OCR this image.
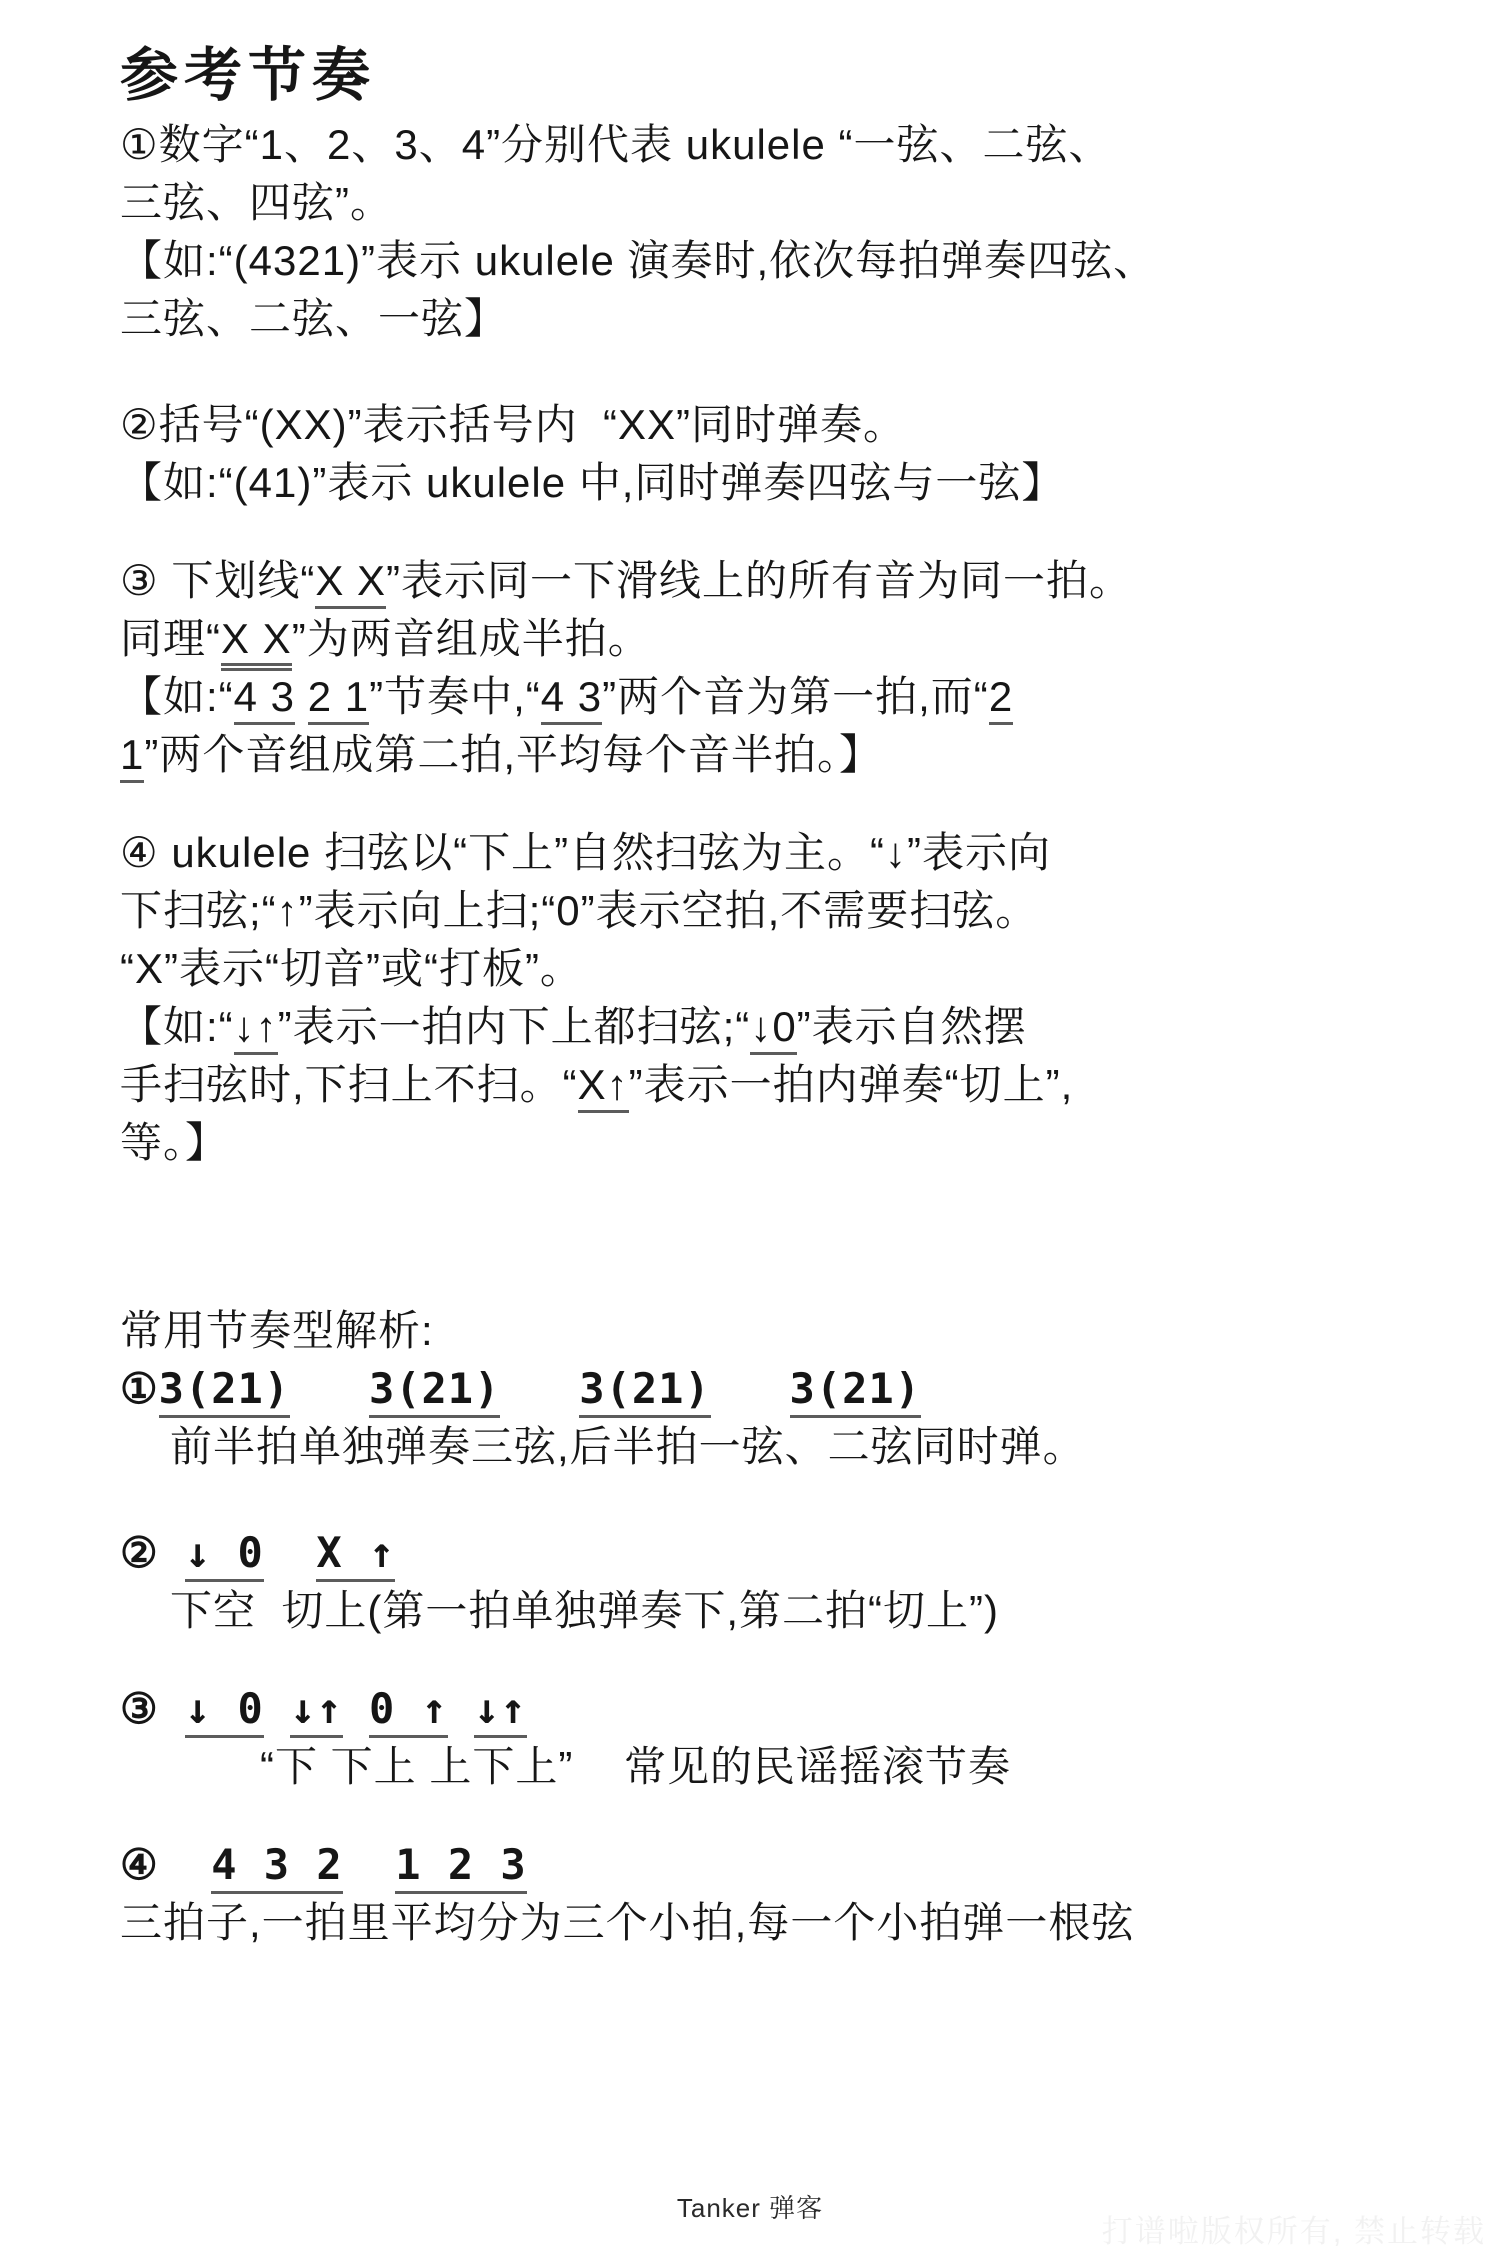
参考节奏
①数字“1、2、3、4”分别代表 ukulele “一弦、二弦、
三弦、四弦”。
【如:“(4321)”表示 ukulele 演奏时,依次每拍弹奏四弦、
三弦、二弦、一弦】
②括号“(XX)”表示括号内  “XX”同时弹奏。
【如:“(41)”表示 ukulele 中,同时弹奏四弦与一弦】
③ 下划线“X X”表示同一下滑线上的所有音为同一拍。
同理“X X”为两音组成半拍。
【如:“4 3 2 1”节奏中,“4 3”两个音为第一拍,而“2
1”两个音组成第二拍,平均每个音半拍。】
④ ukulele 扫弦以“下上”自然扫弦为主。“↓”表示向
下扫弦;“↑”表示向上扫;“0”表示空拍,不需要扫弦。
“X”表示“切音”或“打板”。
【如:“↓↑”表示一拍内下上都扫弦;“↓0”表示自然摆
手扫弦时,下扫上不扫。“X↑”表示一拍内弹奏“切上”,
等。】
常用节奏型解析:
①3(21) 3(21) 3(21) 3(21)
前半拍单独弹奏三弦,后半拍一弦、二弦同时弹。
② ↓ 0 X ↑
下空  切上(第一拍单独弹奏下,第二拍“切上”)
③ ↓ 0 ↓↑ 0 ↑ ↓↑
“下 下上 上下上”    常见的民谣摇滚节奏
④  4 3 2 1 2 3
三拍子,一拍里平均分为三个小拍,每一个小拍弹一根弦
Tanker 弹客
打谱啦版权所有, 禁止转载
